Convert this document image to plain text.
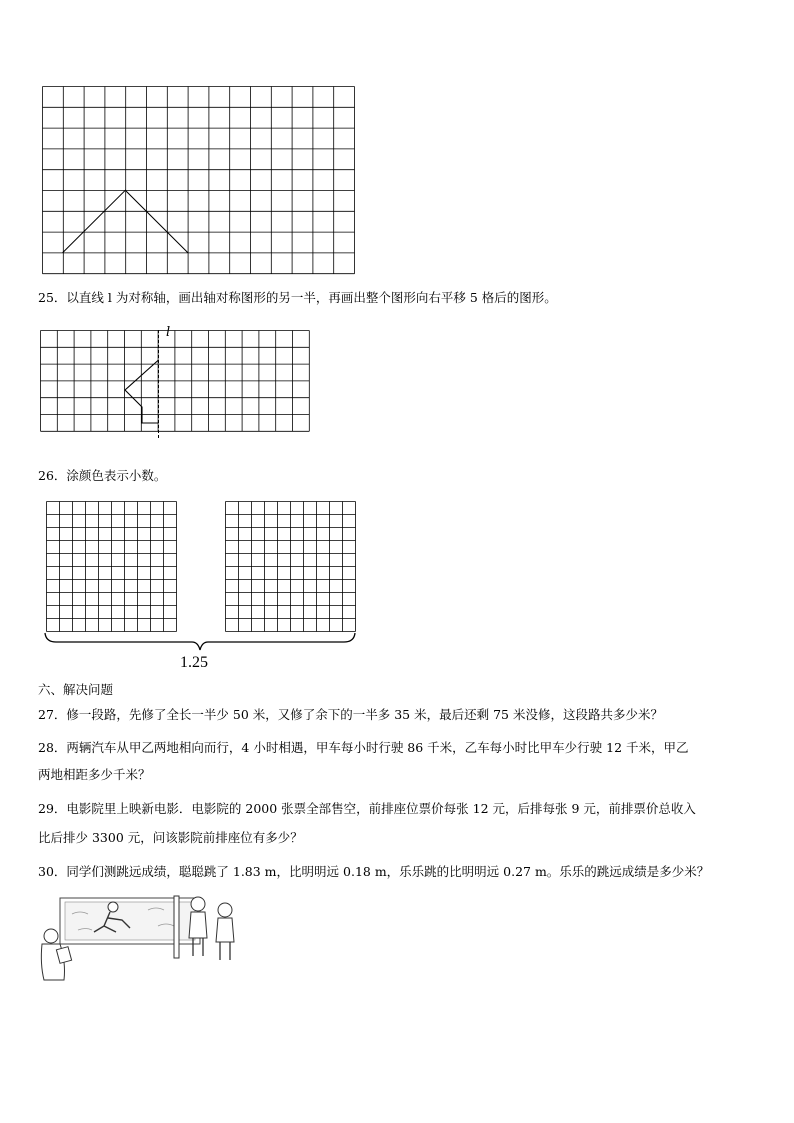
25．以直线 l 为对称轴，画出轴对称图形的另一半，再画出整个图形向右平移 5 格后的图形。
l
26．涂颜色表示小数。
1.25
六、解决问题
27．修一段路，先修了全长一半少 50 米，又修了余下的一半多 35 米，最后还剩 75 米没修，这段路共多少米？
28．两辆汽车从甲乙两地相向而行，4 小时相遇，甲车每小时行驶 86 千米，乙车每小时比甲车少行驶 12 千米，甲乙
两地相距多少千米？
29．电影院里上映新电影．电影院的 2000 张票全部售空，前排座位票价每张 12 元，后排每张 9 元，前排票价总收入
比后排少 3300 元，问该影院前排座位有多少？
30．同学们测跳远成绩，聪聪跳了 1.83 m，比明明远 0.18 m，乐乐跳的比明明远 0.27 m。乐乐的跳远成绩是多少米？
